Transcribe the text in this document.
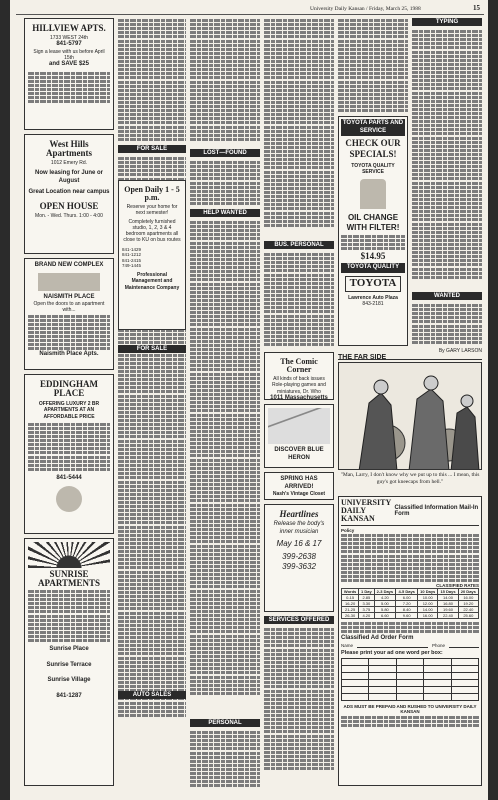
University Daily Kansan / Friday, March 25, 1988	15
HILLVIEW APTS.
1733 WEST 24th
841-5797
Sign a lease with us before April 15th
and SAVE $25
West Hills Apartments
1012 Emery Rd.
Now leasing for June or August
Great Location near campus
OPEN HOUSE
Mon. - Wed. Thurs. 1:00 - 4:00
BRAND NEW COMPLEX
NAISMITH PLACE
Open the doors to an apartment with...
Naismith Place Apts.
EDDINGHAM PLACE
OFFERING LUXURY 2 BR APARTMENTS AT AN AFFORDABLE PRICE
841-5444
SUNRISE APARTMENTS
Sunrise Place
Sunrise Terrace
Sunrise Village
841-1287
FOR SALE
Open Daily 1 - 5 p.m.
Reserve your home for next semester!
Completely furnished studio, 1, 2, 3 & 4 bedroom apartments all close to KU on bus routes
841-1429
841-1212
841-2415
749-1445
Professional Management and Maintenance Company
FOR SALE
AUTO SALES
LOST—FOUND
HELP WANTED
PERSONAL
BUS. PERSONAL
The Comic Corner
All kinds of back issues
Role-playing games and miniatures, Dr. Who
1011 Massachusetts
DISCOVER BLUE HERON
SPRING HAS ARRIVED!
Nash's Vintage Closet
Heartlines
Release the body's inner musician
May 16 & 17
399-2638
399-3632
SERVICES OFFERED
TOYOTA PARTS AND SERVICE
CHECK OUR SPECIALS!
TOYOTA QUALITY SERVICE
OIL CHANGE WITH FILTER!
$14.95
TOYOTA QUALITY
TOYOTA
Lawrence Auto Plaza
843-2181
TYPING
WANTED
THE FAR SIDE
By GARY LARSON
"Man, Larry, I don't know why we put up to this ... I mean, this guy's got kneecaps from hell."
UNIVERSITY DAILY KANSAN
Classified Information Mail-In Form
Policy
CLASSIFIED RATES
Words	1 Day	2-3 Days	4-5 Days	10 Days	15 Days	20 Days
0-15	2.85	4.20	6.00	10.00	14.00	16.00
16-20	3.30	5.00	7.20	12.00	16.80	19.20
21-25	3.75	5.80	8.40	14.00	19.60	22.40
26-30	4.20	6.60	9.60	16.00	22.40	25.60
Classified Ad Order Form
Name	Phone
Please print your ad one word per box:
ADS MUST BE PREPAID AND RUSHED TO UNIVERSITY DAILY KANSAN
